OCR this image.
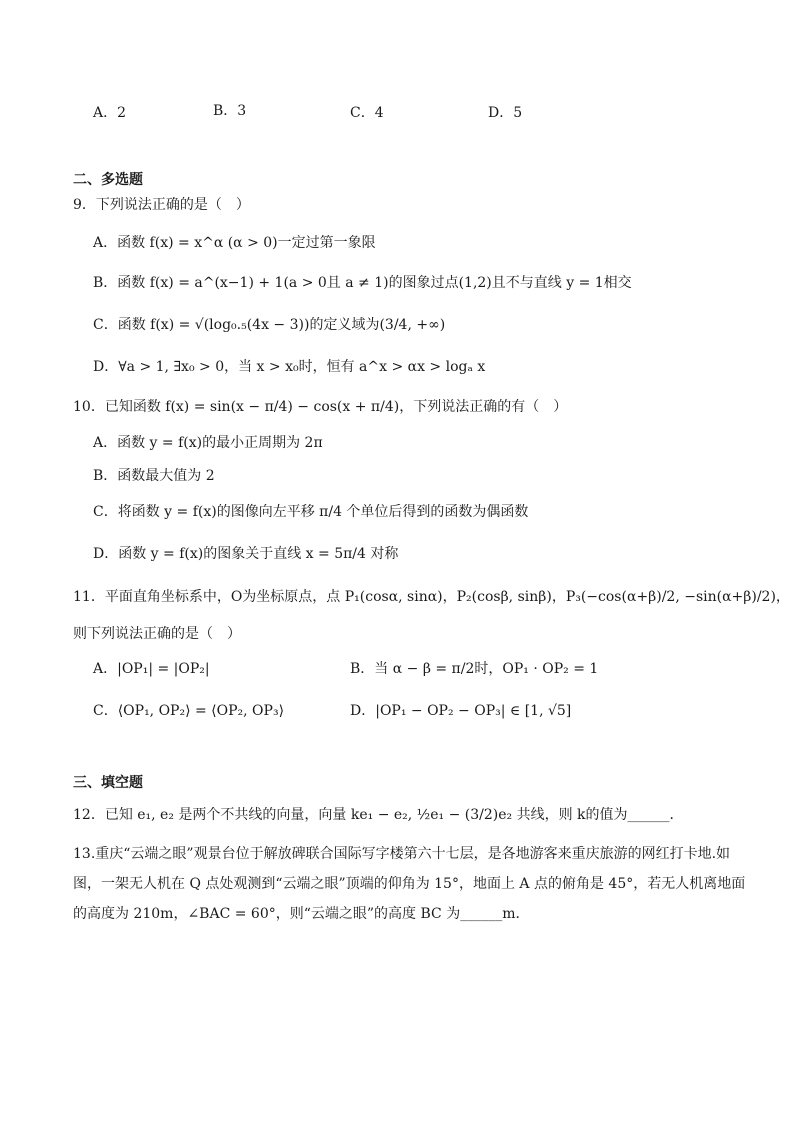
A．2	B．3	C．4	D．5
二、多选题
9．下列说法正确的是（　）
A．函数 f(x) = x^α (α > 0)一定过第一象限
B．函数 f(x) = a^(x−1) + 1(a > 0且 a ≠ 1)的图象过点(1,2)且不与直线 y = 1相交
C．函数 f(x) = √(log₀.₅(4x − 3))的定义域为(3/4, +∞)
D．∀a > 1, ∃x₀ > 0，当 x > x₀时，恒有 a^x > αx > logₐ x
10．已知函数 f(x) = sin(x − π/4) − cos(x + π/4)，下列说法正确的有（　）
A．函数 y = f(x)的最小正周期为 2π
B．函数最大值为 2
C．将函数 y = f(x)的图像向左平移 π/4 个单位后得到的函数为偶函数
D．函数 y = f(x)的图象关于直线 x = 5π/4 对称
11．平面直角坐标系中，O为坐标原点，点 P₁(cosα, sinα)，P₂(cosβ, sinβ)，P₃(−cos(α+β)/2, −sin(α+β)/2)，
则下列说法正确的是（　）
A．|OP₁| = |OP₂|	B．当 α − β = π/2时，OP₁ · OP₂ = 1
C．⟨OP₁, OP₂⟩ = ⟨OP₂, OP₃⟩	D．|OP₁ − OP₂ − OP₃| ∈ [1, √5]
三、填空题
12．已知 e₁, e₂ 是两个不共线的向量，向量 ke₁ − e₂, ½e₁ − (3/2)e₂ 共线，则 k的值为______．
13.重庆“云端之眼”观景台位于解放碑联合国际写字楼第六十七层，是各地游客来重庆旅游的网红打卡地.如
图，一架无人机在 Q 点处观测到“云端之眼”顶端的仰角为 15°，地面上 A 点的俯角是 45°，若无人机离地面
的高度为 210m，∠BAC = 60°，则“云端之眼”的高度 BC 为______m．
